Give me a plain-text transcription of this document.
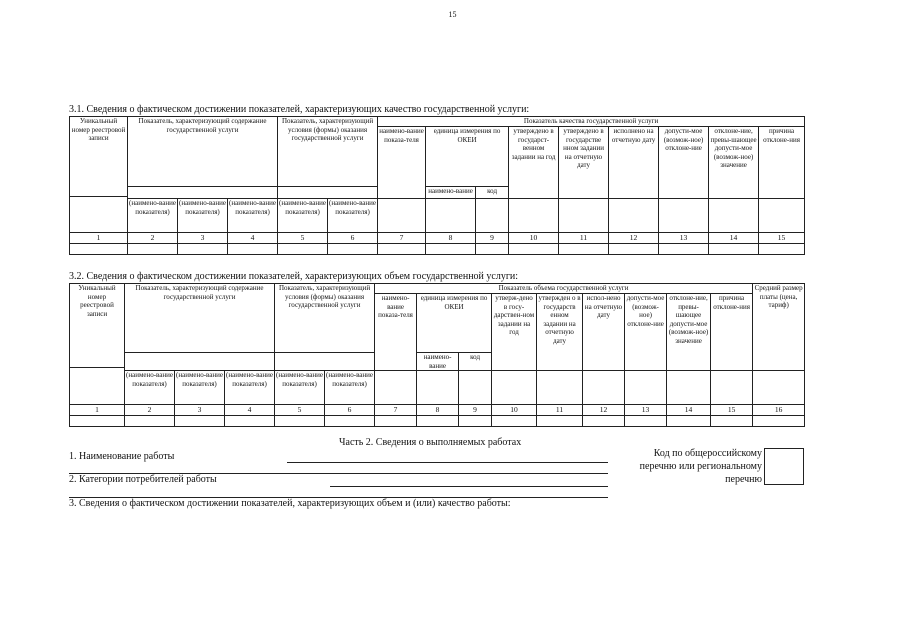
15
3.1. Сведения о фактическом достижении показателей, характеризующих качество государственной услуги:
Уникальный номер реестровой записи	Показатель, характеризующий содержание государственной услуги			Показатель, характеризующий условия (формы) оказания государственной услуги		Показатель качества государственной услуги								
						наимено-вание показа-теля	единица измерения по ОКЕИ		утверждено в государст-венном задании на год	утверждено в государстве нном задании на отчетную дату	исполнено на отчетную дату	допусти-мое (возмож-ное) отклоне-ние	отклоне-ние, превы-шающее допусти-мое (возмож-ное) значение	причина отклоне-ния
							наимено-вание	код						

	(наимено-вание показателя)	(наимено-вание показателя)	(наимено-вание показателя)	(наимено-вание показателя)	(наимено-вание показателя)									
1	2	3	4	5	6	7	8	9	10	11	12	13	14	15

3.2. Сведения о фактическом достижении показателей, характеризующих объем государственной услуги:
Уникальный номер реестровой записи	Показатель, характеризующий содержание государственной услуги			Показатель, характеризующий условия (формы) оказания государственной услуги		Показатель объема государственной услуги									Средний размер платы (цена, тариф)
						наимено-вание показа-теля	единица измерения по ОКЕИ		утверж-дено в госу-дарствен-ном задании на год	утвержден о в государств енном задании на отчетную дату	испол-нено на отчетную дату	допусти-мое (возмож-ное) отклоне-ние	отклоне-ние, превы-шающее допусти-мое (возмож-ное) значение	причина отклоне-ния	
							наимено-вание	код							

	(наимено-вание показателя)	(наимено-вание показателя)	(наимено-вание показателя)	(наимено-вание показателя)	(наимено-вание показателя)										
1	2	3	4	5	6	7	8	9	10	11	12	13	14	15	16

Часть 2. Сведения о выполняемых работах
1. Наименование работы
2. Категории потребителей работы
Код по общероссийскому перечню или региональному перечню
3. Сведения о фактическом достижении показателей, характеризующих объем и (или) качество работы:
